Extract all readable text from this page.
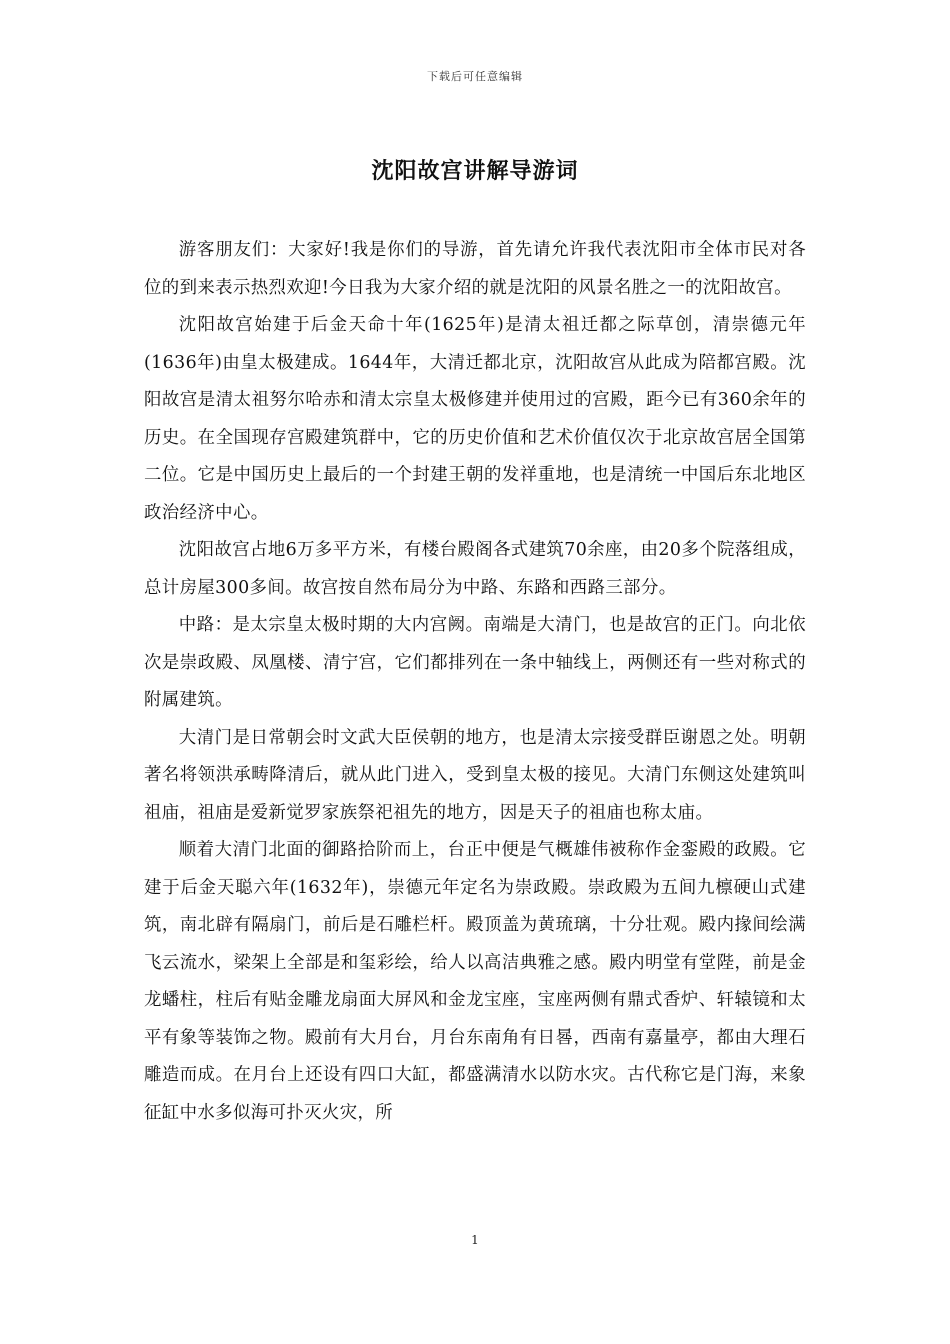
下载后可任意编辑
沈阳故宫讲解导游词

游客朋友们：大家好!我是你们的导游，首先请允许我代表沈阳市全体市民对各位的到来表示热烈欢迎!今日我为大家介绍的就是沈阳的风景名胜之一的沈阳故宫。

沈阳故宫始建于后金天命十年(1625年)是清太祖迁都之际草创，清崇德元年(1636年)由皇太极建成。1644年，大清迁都北京，沈阳故宫从此成为陪都宫殿。沈阳故宫是清太祖努尔哈赤和清太宗皇太极修建并使用过的宫殿，距今已有360余年的历史。在全国现存宫殿建筑群中，它的历史价值和艺术价值仅次于北京故宫居全国第二位。它是中国历史上最后的一个封建王朝的发祥重地，也是清统一中国后东北地区政治经济中心。

沈阳故宫占地6万多平方米，有楼台殿阁各式建筑70余座，由20多个院落组成，总计房屋300多间。故宫按自然布局分为中路、东路和西路三部分。

中路：是太宗皇太极时期的大内宫阙。南端是大清门，也是故宫的正门。向北依次是崇政殿、凤凰楼、清宁宫，它们都排列在一条中轴线上，两侧还有一些对称式的附属建筑。

大清门是日常朝会时文武大臣侯朝的地方，也是清太宗接受群臣谢恩之处。明朝著名将领洪承畴降清后，就从此门进入，受到皇太极的接见。大清门东侧这处建筑叫祖庙，祖庙是爱新觉罗家族祭祀祖先的地方，因是天子的祖庙也称太庙。

顺着大清门北面的御路拾阶而上，台正中便是气概雄伟被称作金銮殿的政殿。它建于后金天聪六年(1632年)，崇德元年定名为崇政殿。崇政殿为五间九檩硬山式建筑，南北辟有隔扇门，前后是石雕栏杆。殿顶盖为黄琉璃，十分壮观。殿内掾间绘满飞云流水，梁架上全部是和玺彩绘，给人以高洁典雅之感。殿内明堂有堂陛，前是金龙蟠柱，柱后有贴金雕龙扇面大屏风和金龙宝座，宝座两侧有鼎式香炉、轩辕镜和太平有象等装饰之物。殿前有大月台，月台东南角有日晷，西南有嘉量亭，都由大理石雕造而成。在月台上还设有四口大缸，都盛满清水以防水灾。古代称它是门海，来象征缸中水多似海可扑灭火灾，所

1
